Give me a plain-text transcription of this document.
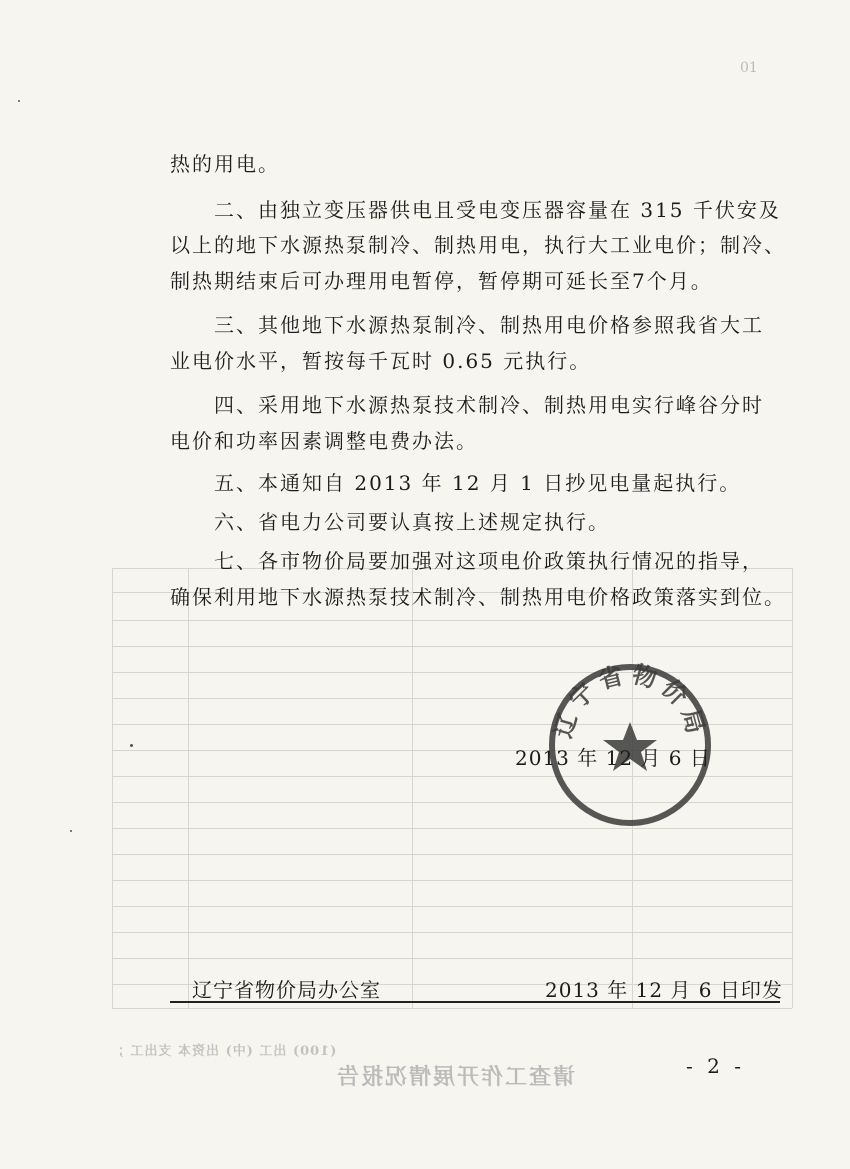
01
(100) 出工 (中) 出资本 支出工 ；
请查工作开展情况报告
热的用电。
二、由独立变压器供电且受电变压器容量在 315 千伏安及
以上的地下水源热泵制冷、制热用电，执行大工业电价；制冷、
制热期结束后可办理用电暂停，暂停期可延长至7个月。
三、其他地下水源热泵制冷、制热用电价格参照我省大工
业电价水平，暂按每千瓦时 0.65 元执行。
四、采用地下水源热泵技术制冷、制热用电实行峰谷分时
电价和功率因素调整电费办法。
五、本通知自 2013 年 12 月 1 日抄见电量起执行。
六、省电力公司要认真按上述规定执行。
七、各市物价局要加强对这项电价政策执行情况的指导，
确保利用地下水源热泵技术制冷、制热用电价格政策落实到位。
辽宁省物价局
2013 年 12 月 6 日
辽宁省物价局办公室	2013 年 12 月 6 日印发
- 2 -
